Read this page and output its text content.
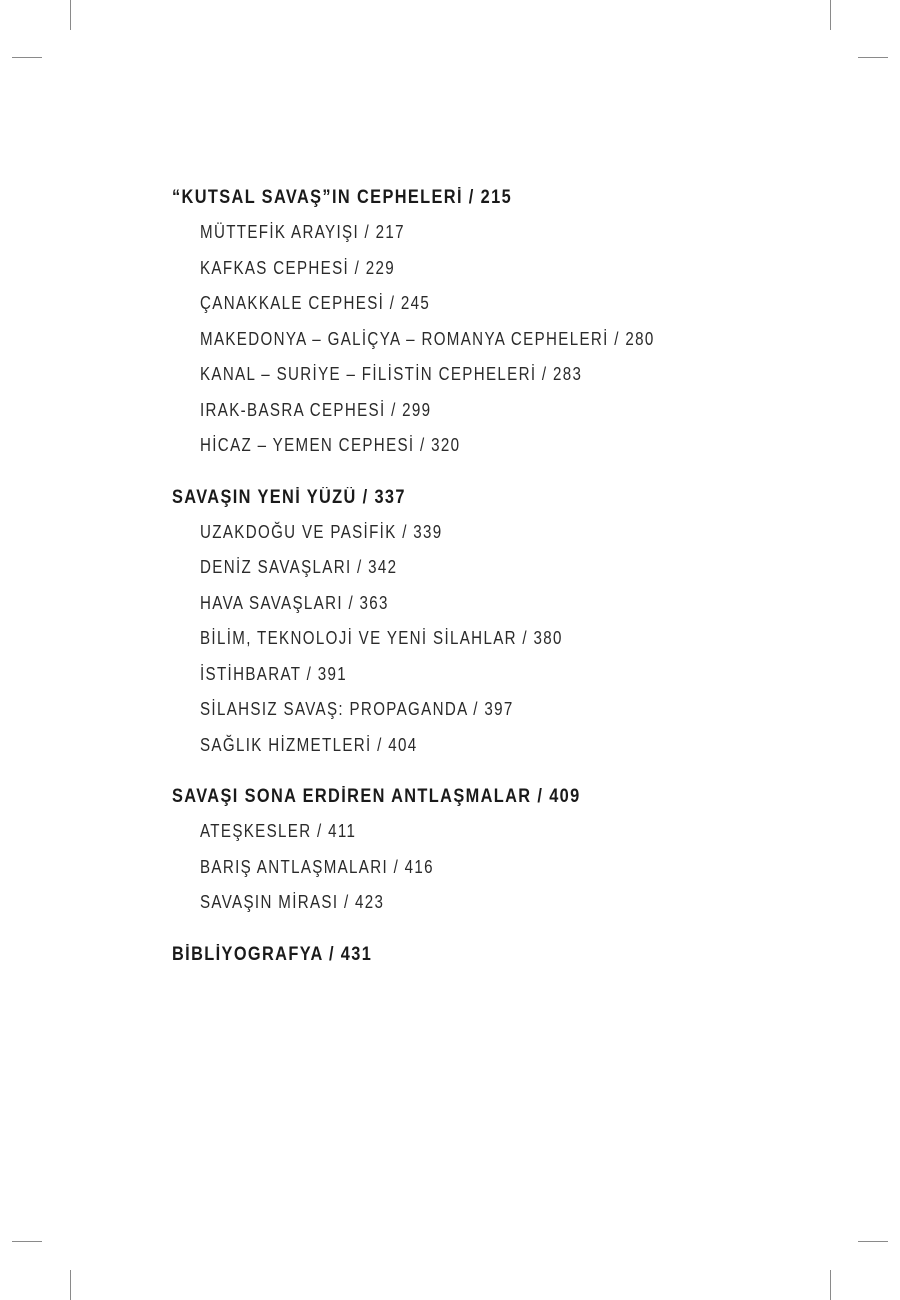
“KUTSAL SAVAŞ”IN CEPHELERİ / 215
MÜTTEFİK ARAYIŞI / 217
KAFKAS CEPHESİ / 229
ÇANAKKALE CEPHESİ / 245
MAKEDONYA – GALİÇYA – ROMANYA CEPHELERİ / 280
KANAL – SURİYE – FİLİSTİN CEPHELERİ / 283
IRAK-BASRA CEPHESİ / 299
HİCAZ – YEMEN CEPHESİ / 320
SAVAŞIN YENİ YÜZÜ / 337
UZAKDOĞU VE PASİFİK / 339
DENİZ SAVAŞLARI / 342
HAVA SAVAŞLARI / 363
BİLİM, TEKNOLOJİ VE YENİ SİLAHLAR / 380
İSTİHBARAT / 391
SİLAHSIZ SAVAŞ: PROPAGANDA / 397
SAĞLIK HİZMETLERİ / 404
SAVAŞI SONA ERDİREN ANTLAŞMALAR / 409
ATEŞKESLER / 411
BARIŞ ANTLAŞMALARI / 416
SAVAŞIN MİRASI / 423
BİBLİYOGRAFYA / 431
